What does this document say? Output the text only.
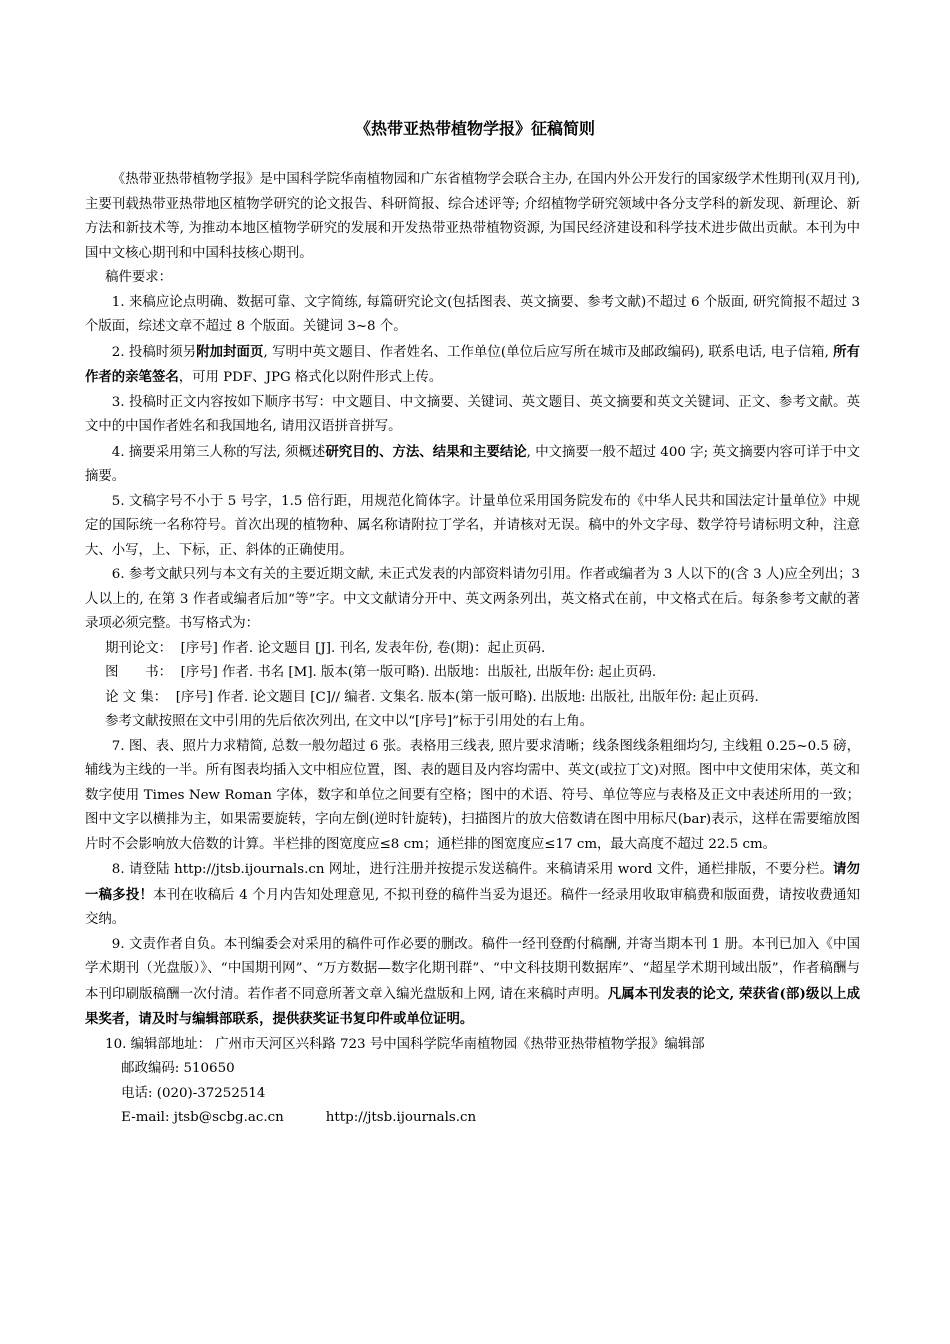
《热带亚热带植物学报》征稿简则

《热带亚热带植物学报》是中国科学院华南植物园和广东省植物学会联合主办, 在国内外公开发行的国家级学术性期刊(双月刊), 主要刊载热带亚热带地区植物学研究的论文报告、科研简报、综合述评等; 介绍植物学研究领域中各分支学科的新发现、新理论、新方法和新技术等, 为推动本地区植物学研究的发展和开发热带亚热带植物资源, 为国民经济建设和科学技术进步做出贡献。本刊为中国中文核心期刊和中国科技核心期刊。

稿件要求：

1. 来稿应论点明确、数据可靠、文字简练, 每篇研究论文(包括图表、英文摘要、参考文献)不超过 6 个版面, 研究简报不超过 3 个版面，综述文章不超过 8 个版面。关键词 3~8 个。

2. 投稿时须另附加封面页, 写明中英文题目、作者姓名、工作单位(单位后应写所在城市及邮政编码), 联系电话, 电子信箱, 所有作者的亲笔签名，可用 PDF、JPG 格式化以附件形式上传。

3. 投稿时正文内容按如下顺序书写：中文题目、中文摘要、关键词、英文题目、英文摘要和英文关键词、正文、参考文献。英文中的中国作者姓名和我国地名, 请用汉语拼音拼写。

4. 摘要采用第三人称的写法, 须概述研究目的、方法、结果和主要结论, 中文摘要一般不超过 400 字; 英文摘要内容可详于中文摘要。

5. 文稿字号不小于 5 号字，1.5 倍行距，用规范化简体字。计量单位采用国务院发布的《中华人民共和国法定计量单位》中规定的国际统一名称符号。首次出现的植物种、属名称请附拉丁学名，并请核对无误。稿中的外文字母、数学符号请标明文种，注意大、小写，上、下标，正、斜体的正确使用。

6. 参考文献只列与本文有关的主要近期文献, 未正式发表的内部资料请勿引用。作者或编者为 3 人以下的(含 3 人)应全列出；3 人以上的, 在第 3 作者或编者后加“等”字。中文文献请分开中、英文两条列出，英文格式在前，中文格式在后。每条参考文献的著录项必须完整。书写格式为：

期刊论文：
[序号] 作者. 论文题目 [J]. 刊名, 发表年份, 卷(期)：起止页码.

图　　书：
[序号] 作者. 书名 [M]. 版本(第一版可略). 出版地：出版社, 出版年份: 起止页码.

论 文 集：
[序号] 作者. 论文题目 [C]// 编者. 文集名. 版本(第一版可略). 出版地: 出版社, 出版年份: 起止页码.

参考文献按照在文中引用的先后依次列出, 在文中以“[序号]”标于引用处的右上角。

7. 图、表、照片力求精简, 总数一般勿超过 6 张。表格用三线表, 照片要求清晰；线条图线条粗细均匀, 主线粗 0.25~0.5 磅，辅线为主线的一半。所有图表均插入文中相应位置，图、表的题目及内容均需中、英文(或拉丁文)对照。图中中文使用宋体，英文和数字使用 Times New Roman 字体，数字和单位之间要有空格；图中的术语、符号、单位等应与表格及正文中表述所用的一致；图中文字以横排为主，如果需要旋转，字向左倒(逆时针旋转)，扫描图片的放大倍数请在图中用标尺(bar)表示，这样在需要缩放图片时不会影响放大倍数的计算。半栏排的图宽度应≤8 cm；通栏排的图宽度应≤17 cm，最大高度不超过 22.5 cm。

8. 请登陆 http://jtsb.ijournals.cn 网址，进行注册并按提示发送稿件。来稿请采用 word 文件，通栏排版，不要分栏。请勿一稿多投！本刊在收稿后 4 个月内告知处理意见, 不拟刊登的稿件当妥为退还。稿件一经录用收取审稿费和版面费，请按收费通知交纳。

9. 文责作者自负。本刊编委会对采用的稿件可作必要的删改。稿件一经刊登酌付稿酬, 并寄当期本刊 1 册。本刊已加入《中国学术期刊（光盘版）》、“中国期刊网”、“万方数据—数字化期刊群”、“中文科技期刊数据库”、“超星学术期刊域出版”，作者稿酬与本刊印刷版稿酬一次付清。若作者不同意所著文章入编光盘版和上网, 请在来稿时声明。凡属本刊发表的论文, 荣获省(部)级以上成果奖者，请及时与编辑部联系，提供获奖证书复印件或单位证明。

10. 编辑部地址： 广州市天河区兴科路 723 号中国科学院华南植物园《热带亚热带植物学报》编辑部

邮政编码: 510650

电话: (020)-37252514

E-mail: jtsb@scbg.ac.cn	http://jtsb.ijournals.cn
